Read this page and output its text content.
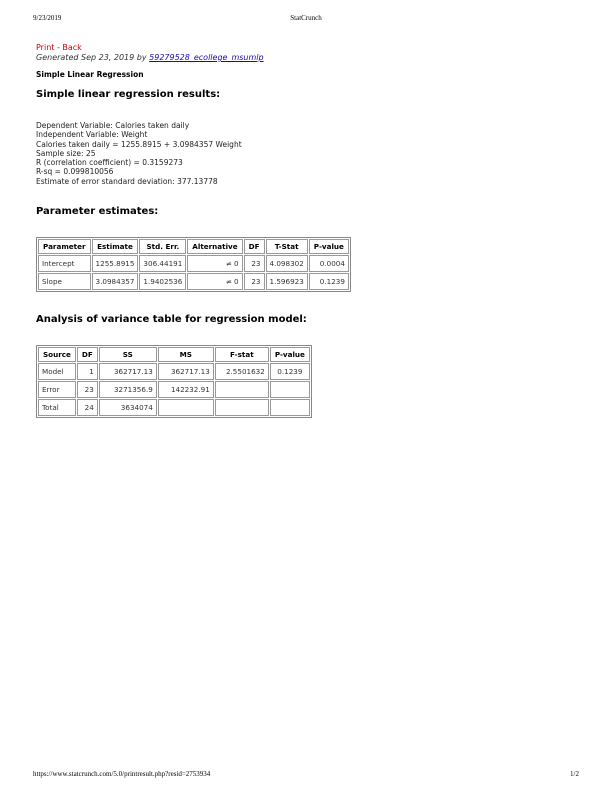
9/23/2019	StatCrunch
Print - Back
Generated Sep 23, 2019 by 59279528_ecollege_msumlp
Simple Linear Regression
Simple linear regression results:
Dependent Variable: Calories taken daily
Independent Variable: Weight
Calories taken daily = 1255.8915 + 3.0984357 Weight
Sample size: 25
R (correlation coefficient) = 0.3159273
R-sq = 0.099810056
Estimate of error standard deviation: 377.13778
Parameter estimates:
Parameter	Estimate	Std. Err.	Alternative	DF	T-Stat	P-value
Intercept	1255.8915	306.44191	≠ 0	23	4.098302	0.0004
Slope	3.0984357	1.9402536	≠ 0	23	1.596923	0.1239
Analysis of variance table for regression model:
Source	DF	SS	MS	F-stat	P-value
Model	1	362717.13	362717.13	2.5501632	0.1239
Error	23	3271356.9	142232.91		
Total	24	3634074			
https://www.statcrunch.com/5.0/printresult.php?resid=2753934	1/2
